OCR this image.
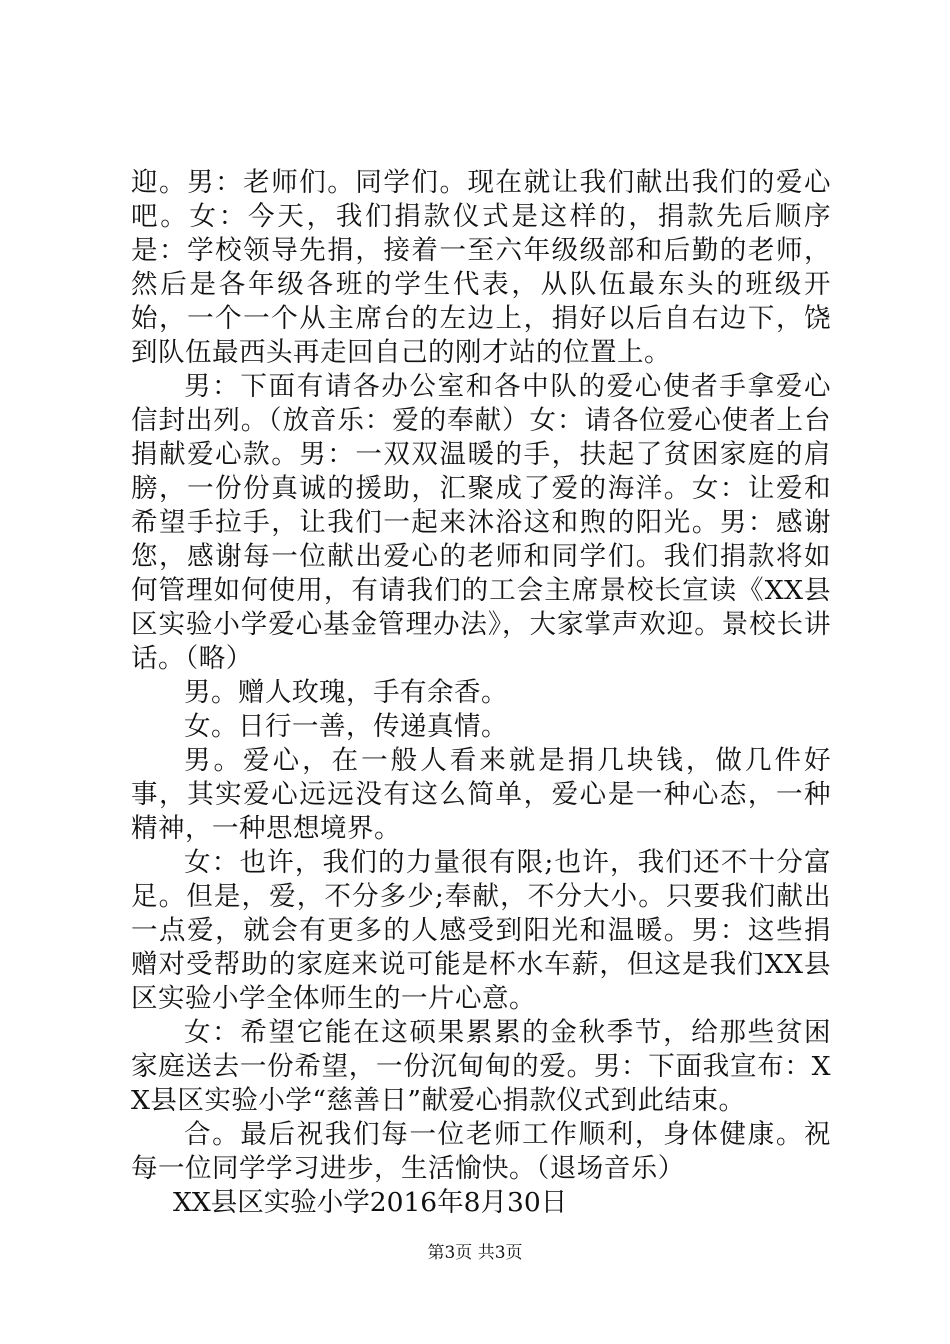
迎。男：老师们。同学们。现在就让我们献出我们的爱心吧。女：今天，我们捐款仪式是这样的，捐款先后顺序是：学校领导先捐，接着一至六年级级部和后勤的老师，然后是各年级各班的学生代表，从队伍最东头的班级开始，一个一个从主席台的左边上，捐好以后自右边下，饶到队伍最西头再走回自己的刚才站的位置上。

男：下面有请各办公室和各中队的爱心使者手拿爱心信封出列。（放音乐：爱的奉献）女：请各位爱心使者上台捐献爱心款。男：一双双温暖的手，扶起了贫困家庭的肩膀，一份份真诚的援助，汇聚成了爱的海洋。女：让爱和希望手拉手，让我们一起来沐浴这和煦的阳光。男：感谢您，感谢每一位献出爱心的老师和同学们。我们捐款将如何管理如何使用，有请我们的工会主席景校长宣读《XX县区实验小学爱心基金管理办法》，大家掌声欢迎。景校长讲话。（略）

男。赠人玫瑰，手有余香。

女。日行一善，传递真情。

男。爱心，在一般人看来就是捐几块钱，做几件好事，其实爱心远远没有这么简单，爱心是一种心态，一种精神，一种思想境界。

女：也许，我们的力量很有限;也许，我们还不十分富足。但是，爱，不分多少;奉献，不分大小。只要我们献出一点爱，就会有更多的人感受到阳光和温暖。男：这些捐赠对受帮助的家庭来说可能是杯水车薪，但这是我们XX县区实验小学全体师生的一片心意。

女：希望它能在这硕果累累的金秋季节，给那些贫困家庭送去一份希望，一份沉甸甸的爱。男：下面我宣布：XX县区实验小学“慈善日”献爱心捐款仪式到此结束。

合。最后祝我们每一位老师工作顺利，身体健康。祝每一位同学学习进步，生活愉快。（退场音乐）

XX县区实验小学2016年8月30日

第3页 共3页
